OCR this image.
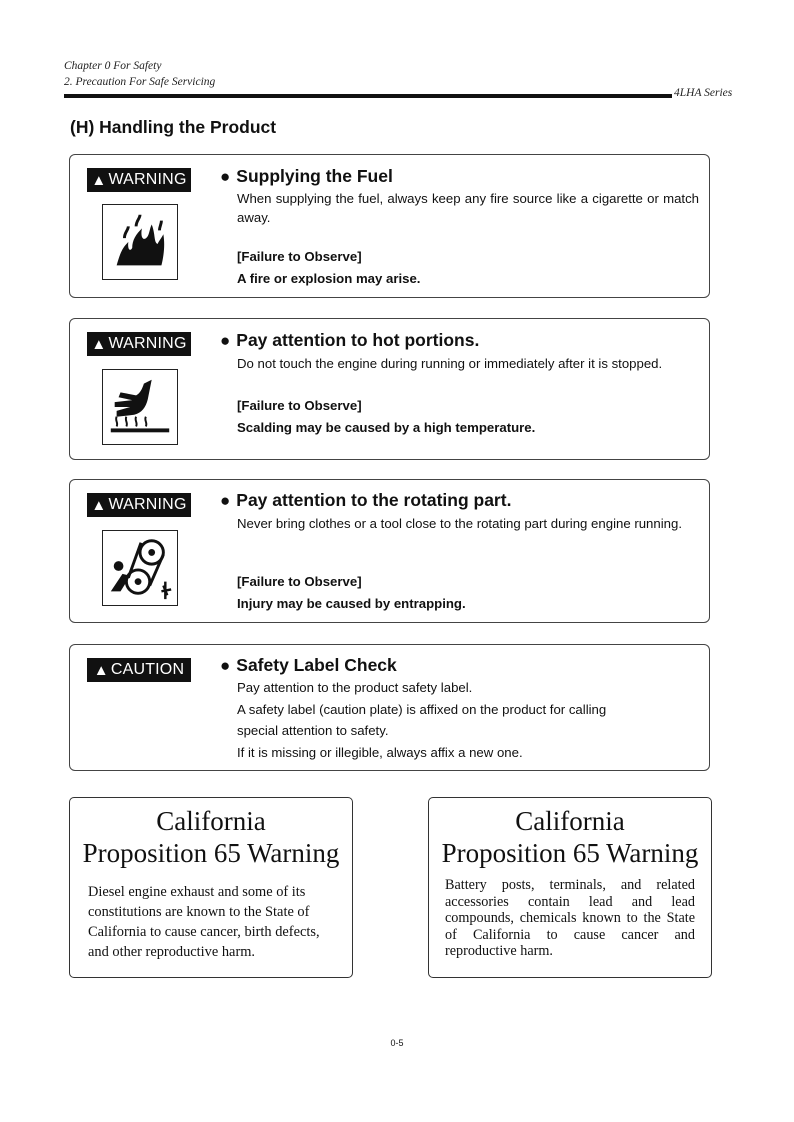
Chapter 0 For Safety
2. Precaution For Safe Servicing
4LHA Series
(H) Handling the Product
▲ WARNING ● Supplying the Fuel
When supplying the fuel, always keep any fire source like a cigarette or match away.
[Failure to Observe]
A fire or explosion may arise.
▲ WARNING ● Pay attention to hot portions.
Do not touch the engine during running or immediately after it is stopped.
[Failure to Observe]
Scalding may be caused by a high temperature.
▲ WARNING ● Pay attention to the rotating part.
Never bring clothes or a tool close to the rotating part during engine running.
[Failure to Observe]
Injury may be caused by entrapping.
▲ CAUTION ● Safety Label Check
Pay attention to the product safety label.
A safety label (caution plate) is affixed on the product for calling
special attention to safety.
If it is missing or illegible, always affix a new one.
California
Proposition 65 Warning
Diesel engine exhaust and some of its constitutions are known to the State of California to cause cancer, birth defects, and other reproductive harm.
California
Proposition 65 Warning
Battery posts, terminals, and related accessories contain lead and lead compounds, chemicals known to the State of California to cause cancer and reproductive harm.
0-5
